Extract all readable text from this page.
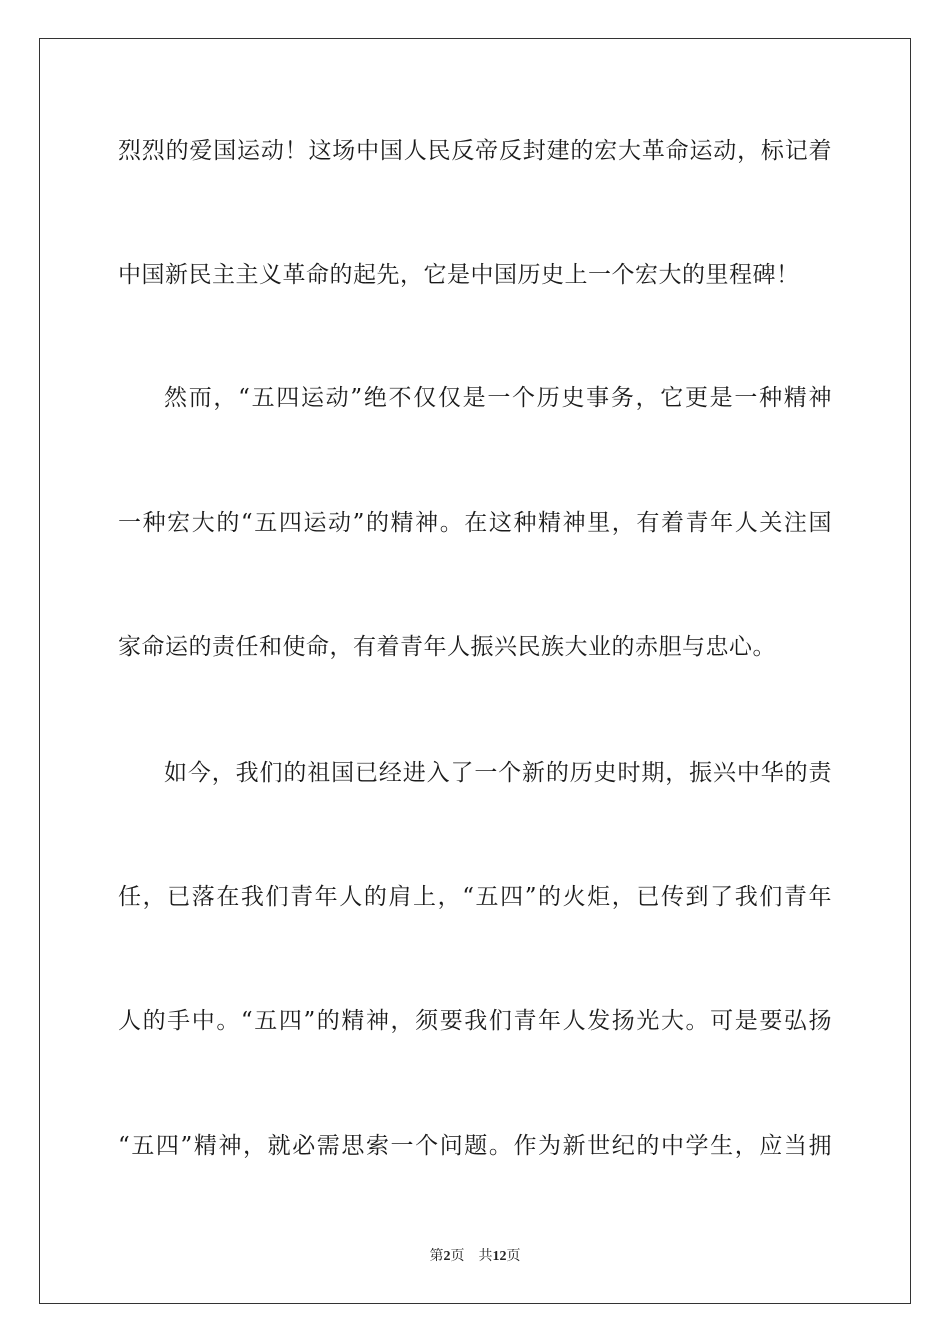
烈烈的爱国运动！这场中国人民反帝反封建的宏大革命运动，标记着
中国新民主主义革命的起先，它是中国历史上一个宏大的里程碑！
然而，“五四运动”绝不仅仅是一个历史事务，它更是一种精神
一种宏大的“五四运动”的精神。在这种精神里，有着青年人关注国
家命运的责任和使命，有着青年人振兴民族大业的赤胆与忠心。
如今，我们的祖国已经进入了一个新的历史时期，振兴中华的责
任，已落在我们青年人的肩上，“五四”的火炬，已传到了我们青年
人的手中。“五四”的精神，须要我们青年人发扬光大。可是要弘扬
“五四”精神，就必需思索一个问题。作为新世纪的中学生，应当拥
第2页 共12页
